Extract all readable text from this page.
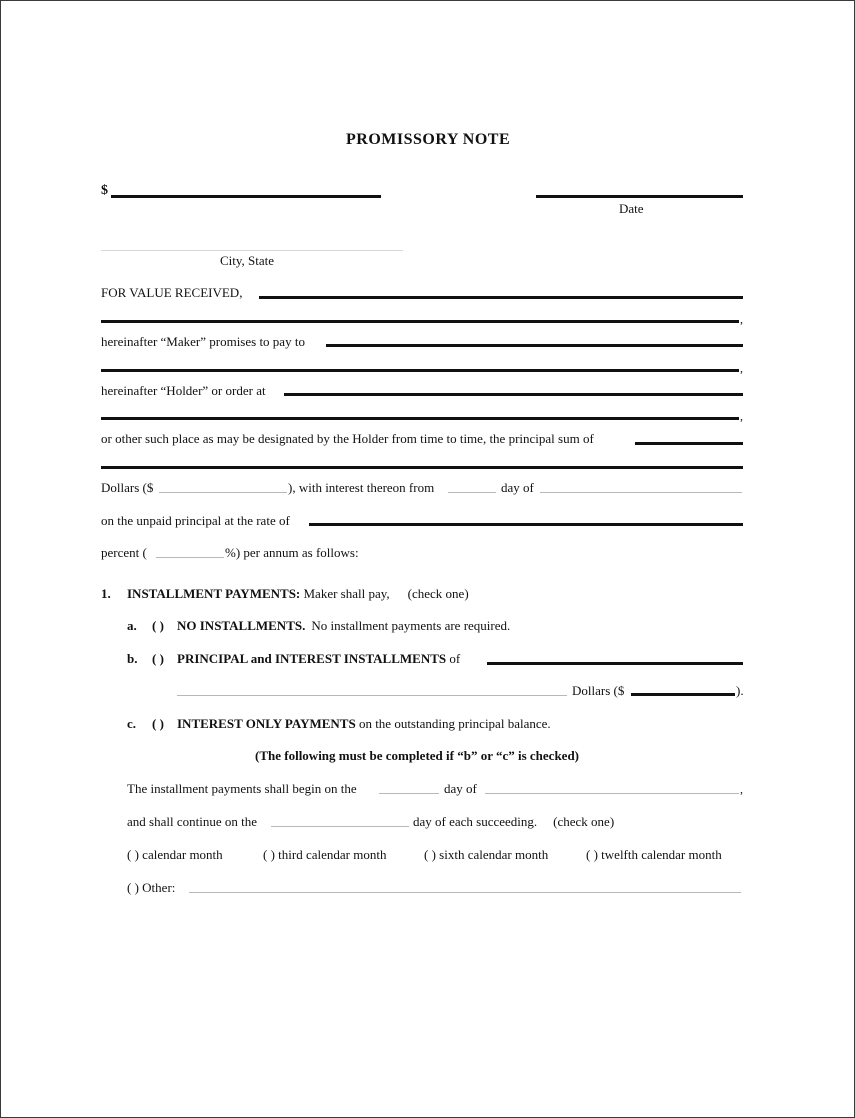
PROMISSORY NOTE
$
Date
City, State
FOR VALUE RECEIVED,
,
hereinafter “Maker” promises to pay to
,
hereinafter “Holder” or order at
,
or other such place as may be designated by the Holder from time to time, the principal sum of
Dollars ($	), with interest thereon from	day of
on the unpaid principal at the rate of
percent (	%) per annum as follows:
1. INSTALLMENT PAYMENTS: Maker shall pay, (check one)
a. ( ) NO INSTALLMENTS. No installment payments are required.
b. ( ) PRINCIPAL and INTEREST INSTALLMENTS of
Dollars ($	).
c. ( ) INTEREST ONLY PAYMENTS on the outstanding principal balance.
(The following must be completed if “b” or “c” is checked)
The installment payments shall begin on the	day of	,
and shall continue on the	day of each succeeding. (check one)
( ) calendar month	( ) third calendar month	( ) sixth calendar month	( ) twelfth calendar month
( ) Other:
